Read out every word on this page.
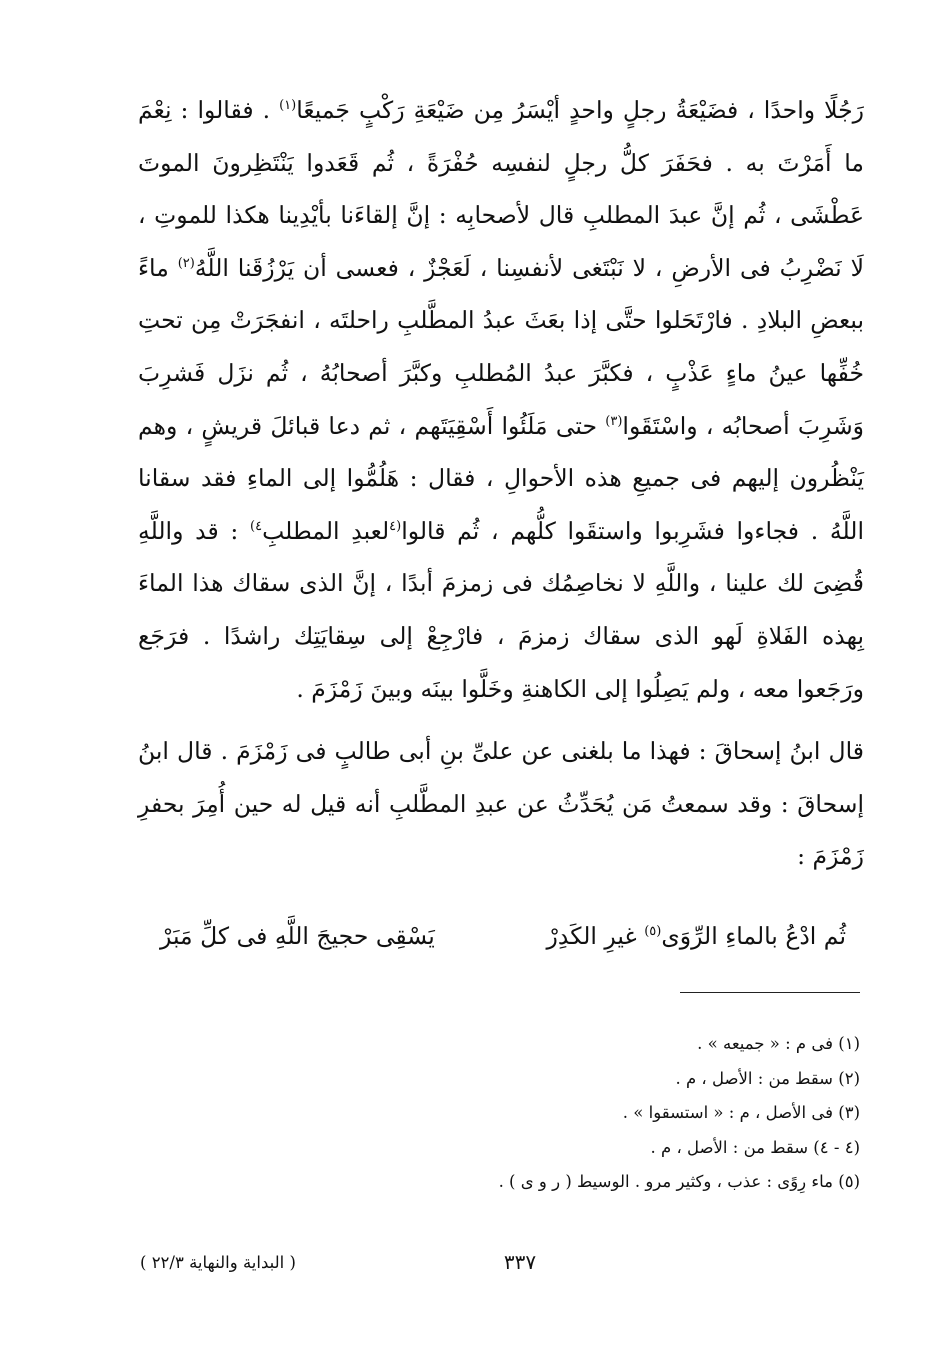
رَجُلًا واحدًا ، فضَيْعَةُ رجلٍ واحدٍ أيْسَرُ مِن ضَيْعَةِ رَكْبٍ جَميعًا$^{(١)}$ . فقالوا : نِعْمَ ما أَمَرْتَ به . فحَفَرَ كلُّ رجلٍ لنفسِه حُفْرَةً ، ثُم قَعَدوا يَنْتَظِرونَ الموتَ عَطْشَى ، ثُم إنَّ عبدَ المطلبِ قال لأصحابِه : إنَّ إلقاءَنا بأيْدِينا هكذا للموتِ ، لَا نَضْرِبُ فى الأرضِ ، لا نَبْتَغى لأنفسِنا ، لَعَجْزٌ ، فعسى أن يَرْزُقَنا اللَّهُ$^{(٢)}$ ماءً ببعضِ البلادِ . فارْتَحَلوا حتَّى إذا بعَثَ عبدُ المطَّلبِ راحلتَه ، انفجَرَتْ مِن تحتِ خُفِّها عينُ ماءٍ عَذْبٍ ، فكبَّرَ عبدُ المُطلبِ وكبَّرَ أصحابُهُ ، ثُم نزَل فَشرِبَ وَشَرِبَ أصحابُه ، واسْتَقَوا$^{(٣)}$ حتى مَلَئُوا أَسْقِيَتَهم ، ثم دعا قبائلَ قريشٍ ، وهم يَنْظُرون إليهم فى جميعِ هذه الأحوالِ ، فقال : هَلُمُّوا إلى الماءِ فقد سقانا اللَّهُ . فجاءوا فشَرِبوا واستقَوا كلُّهم ، ثُم قالوا$^{(٤}$لعبدِ المطلبِ$^{٤)}$ : قد واللَّهِ قُضِىَ لك علينا ، واللَّهِ لا نخاصِمُك فى زمزمَ أبدًا ، إنَّ الذى سقاك هذا الماءَ بِهذه الفَلاةِ لَهو الذى سقاك زمزمَ ، فارْجِعْ إلى سِقايَتِك راشدًا . فرَجَع ورَجَعوا معه ، ولم يَصِلُوا إلى الكاهنةِ وخَلَّوا بينَه وبينَ زَمْزَمَ .

قال ابنُ إسحاقَ : فهذا ما بلغنى عن علىِّ بنِ أبى طالبٍ فى زَمْزَمَ . قال ابنُ إسحاقَ : وقد سمعتُ مَن يُحَدِّثُ عن عبدِ المطَّلبِ أنه قيل له حين أُمِرَ بحفرِ زَمْزَمَ :

ثُم ادْعُ بالماءِ الرِّوَى$^{(٥)}$ غيرِ الكَدِرْ
يَسْقِى حجيجَ اللَّهِ فى كلِّ مَبَرْ
(١) فى م : « جميعه » .
(٢) سقط من : الأصل ، م .
(٣) فى الأصل ، م : « استسقوا » .
(٤ - ٤) سقط من : الأصل ، م .
(٥) ماء رِوًى : عذب ، وكثير مرو . الوسيط ( ر و ى ) .
٣٣٧
( البداية والنهاية ٢٢/٣ )
